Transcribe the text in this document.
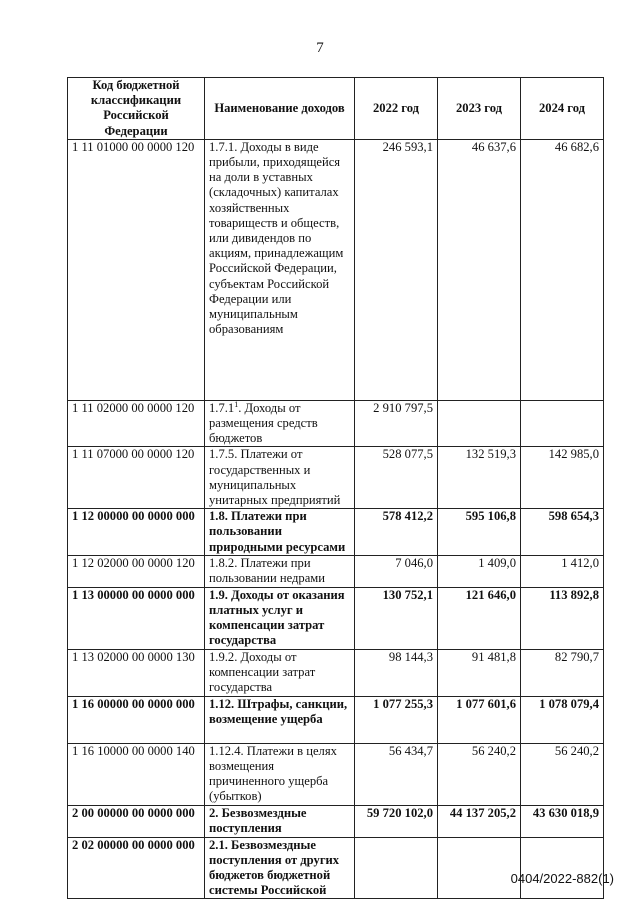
7
Код бюджетной классификации Российской Федерации	Наименование доходов	2022 год	2023 год	2024 год
1 11 01000 00 0000 120	1.7.1. Доходы в виде прибыли, приходящейся на доли в уставных (складочных) капиталах хозяйственных товариществ и обществ, или дивидендов по акциям, принадлежащим Российской Федерации, субъектам Российской Федерации или муниципальным образованиям	246 593,1	46 637,6	46 682,6
1 11 02000 00 0000 120	1.7.1$^1$. Доходы от размещения средств бюджетов	2 910 797,5		
1 11 07000 00 0000 120	1.7.5. Платежи от государственных и муниципальных унитарных предприятий	528 077,5	132 519,3	142 985,0
1 12 00000 00 0000 000	1.8. Платежи при пользовании природными ресурсами	578 412,2	595 106,8	598 654,3
1 12 02000 00 0000 120	1.8.2. Платежи при пользовании недрами	7 046,0	1 409,0	1 412,0
1 13 00000 00 0000 000	1.9. Доходы от оказания платных услуг и компенсации затрат государства	130 752,1	121 646,0	113 892,8
1 13 02000 00 0000 130	1.9.2. Доходы от компенсации затрат государства	98 144,3	91 481,8	82 790,7
1 16 00000 00 0000 000	1.12. Штрафы, санкции, возмещение ущерба	1 077 255,3	1 077 601,6	1 078 079,4
1 16 10000 00 0000 140	1.12.4. Платежи в целях возмещения причиненного ущерба (убытков)	56 434,7	56 240,2	56 240,2
2 00 00000 00 0000 000	2. Безвозмездные поступления	59 720 102,0	44 137 205,2	43 630 018,9
2 02 00000 00 0000 000	2.1. Безвозмездные поступления от других бюджетов бюджетной системы Российской			
0404/2022-882(1)
